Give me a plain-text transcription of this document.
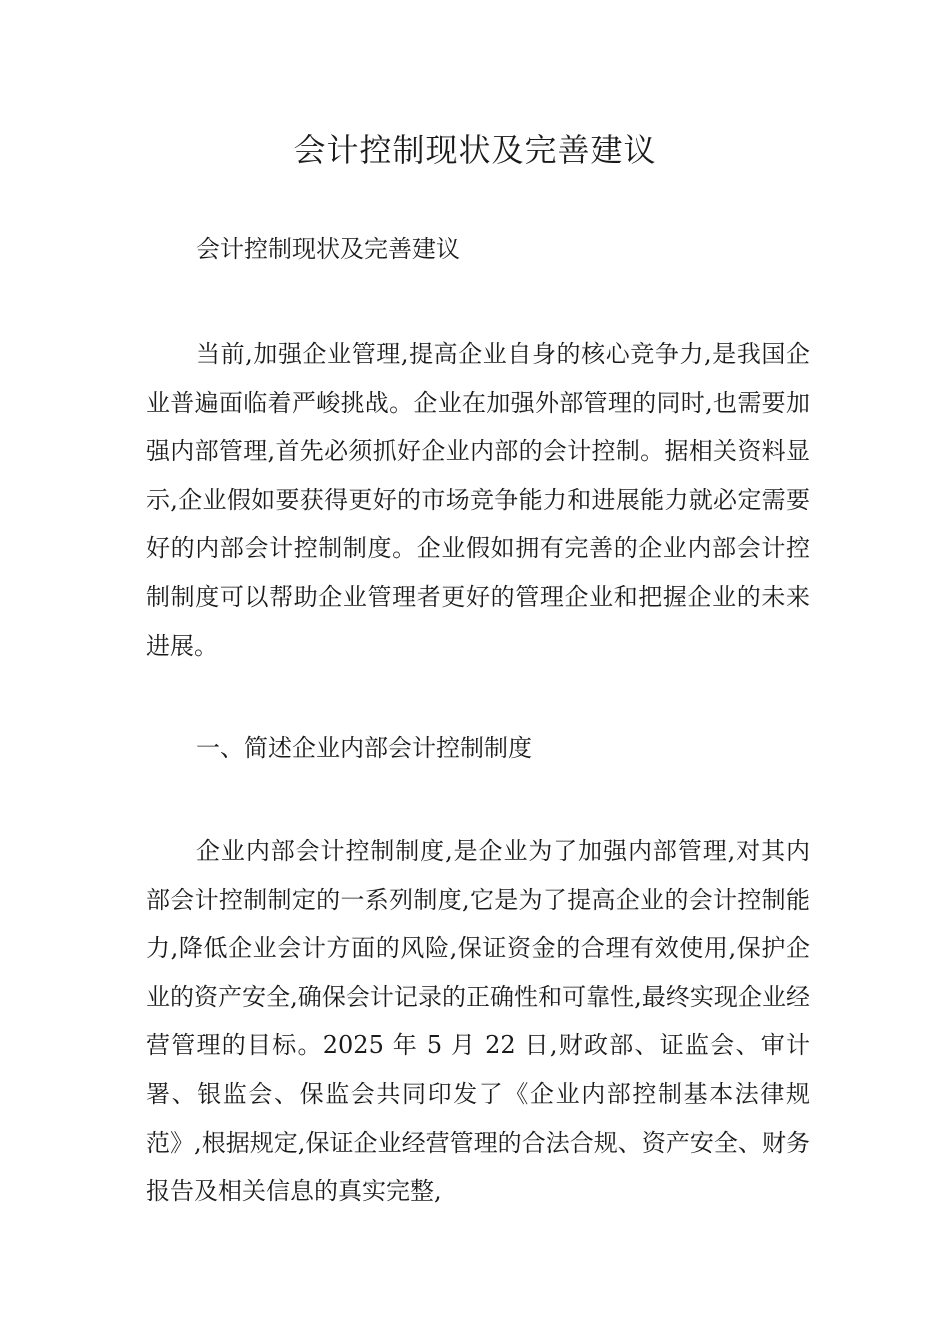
会计控制现状及完善建议

会计控制现状及完善建议

当前,加强企业管理,提高企业自身的核心竞争力,是我国企业普遍面临着严峻挑战。企业在加强外部管理的同时,也需要加强内部管理,首先必须抓好企业内部的会计控制。据相关资料显示,企业假如要获得更好的市场竞争能力和进展能力就必定需要好的内部会计控制制度。企业假如拥有完善的企业内部会计控制制度可以帮助企业管理者更好的管理企业和把握企业的未来进展。

一、简述企业内部会计控制制度

企业内部会计控制制度,是企业为了加强内部管理,对其内部会计控制制定的一系列制度,它是为了提高企业的会计控制能力,降低企业会计方面的风险,保证资金的合理有效使用,保护企业的资产安全,确保会计记录的正确性和可靠性,最终实现企业经营管理的目标。2025 年 5 月 22 日,财政部、证监会、审计署、银监会、保监会共同印发了《企业内部控制基本法律规范》,根据规定,保证企业经营管理的合法合规、资产安全、财务报告及相关信息的真实完整,
